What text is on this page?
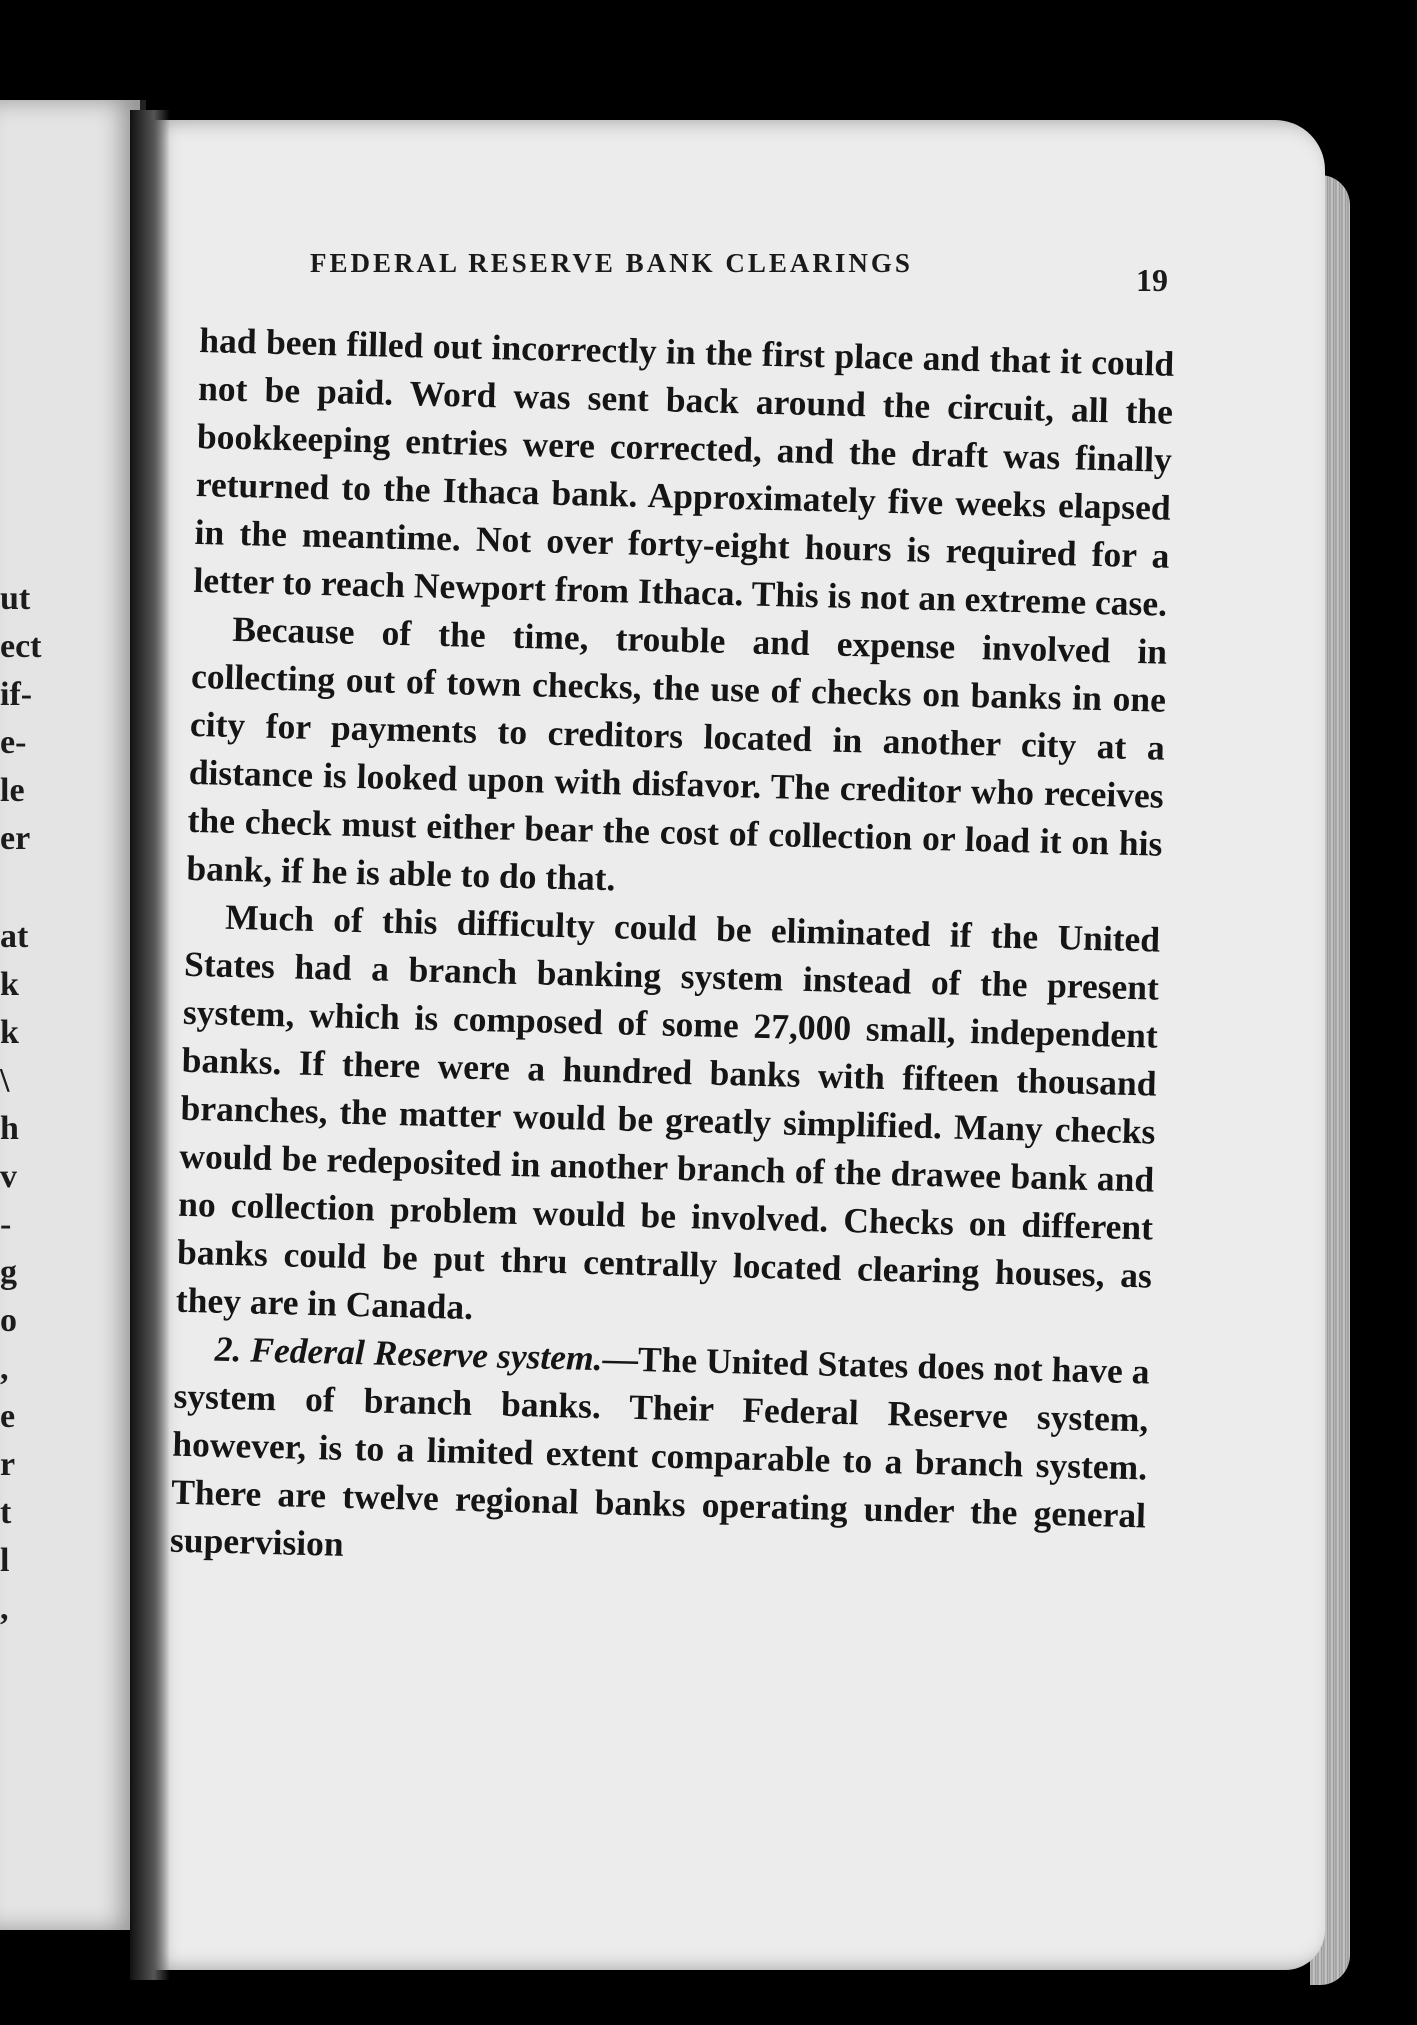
ut
ect
if-
e-
le
er
at
k
k
\
h
v
-
g
o
,
e
r
t
l
,
FEDERAL RESERVE BANK CLEARINGS	19

had been filled out incorrectly in the first place and that it could not be paid. Word was sent back around the circuit, all the bookkeeping entries were corrected, and the draft was finally returned to the Ithaca bank. Approximately five weeks elapsed in the meantime. Not over forty-eight hours is required for a letter to reach Newport from Ithaca. This is not an extreme case.

Because of the time, trouble and expense involved in collecting out of town checks, the use of checks on banks in one city for payments to creditors located in another city at a distance is looked upon with disfavor. The creditor who receives the check must either bear the cost of collection or load it on his bank, if he is able to do that.

Much of this difficulty could be eliminated if the United States had a branch banking system instead of the present system, which is composed of some 27,000 small, independent banks. If there were a hundred banks with fifteen thousand branches, the matter would be greatly simplified. Many checks would be redeposited in another branch of the drawee bank and no collection problem would be involved. Checks on different banks could be put thru centrally located clearing houses, as they are in Canada.

2. Federal Reserve system.—The United States does not have a system of branch banks. Their Federal Reserve system, however, is to a limited extent comparable to a branch system. There are twelve regional banks operating under the general supervision
